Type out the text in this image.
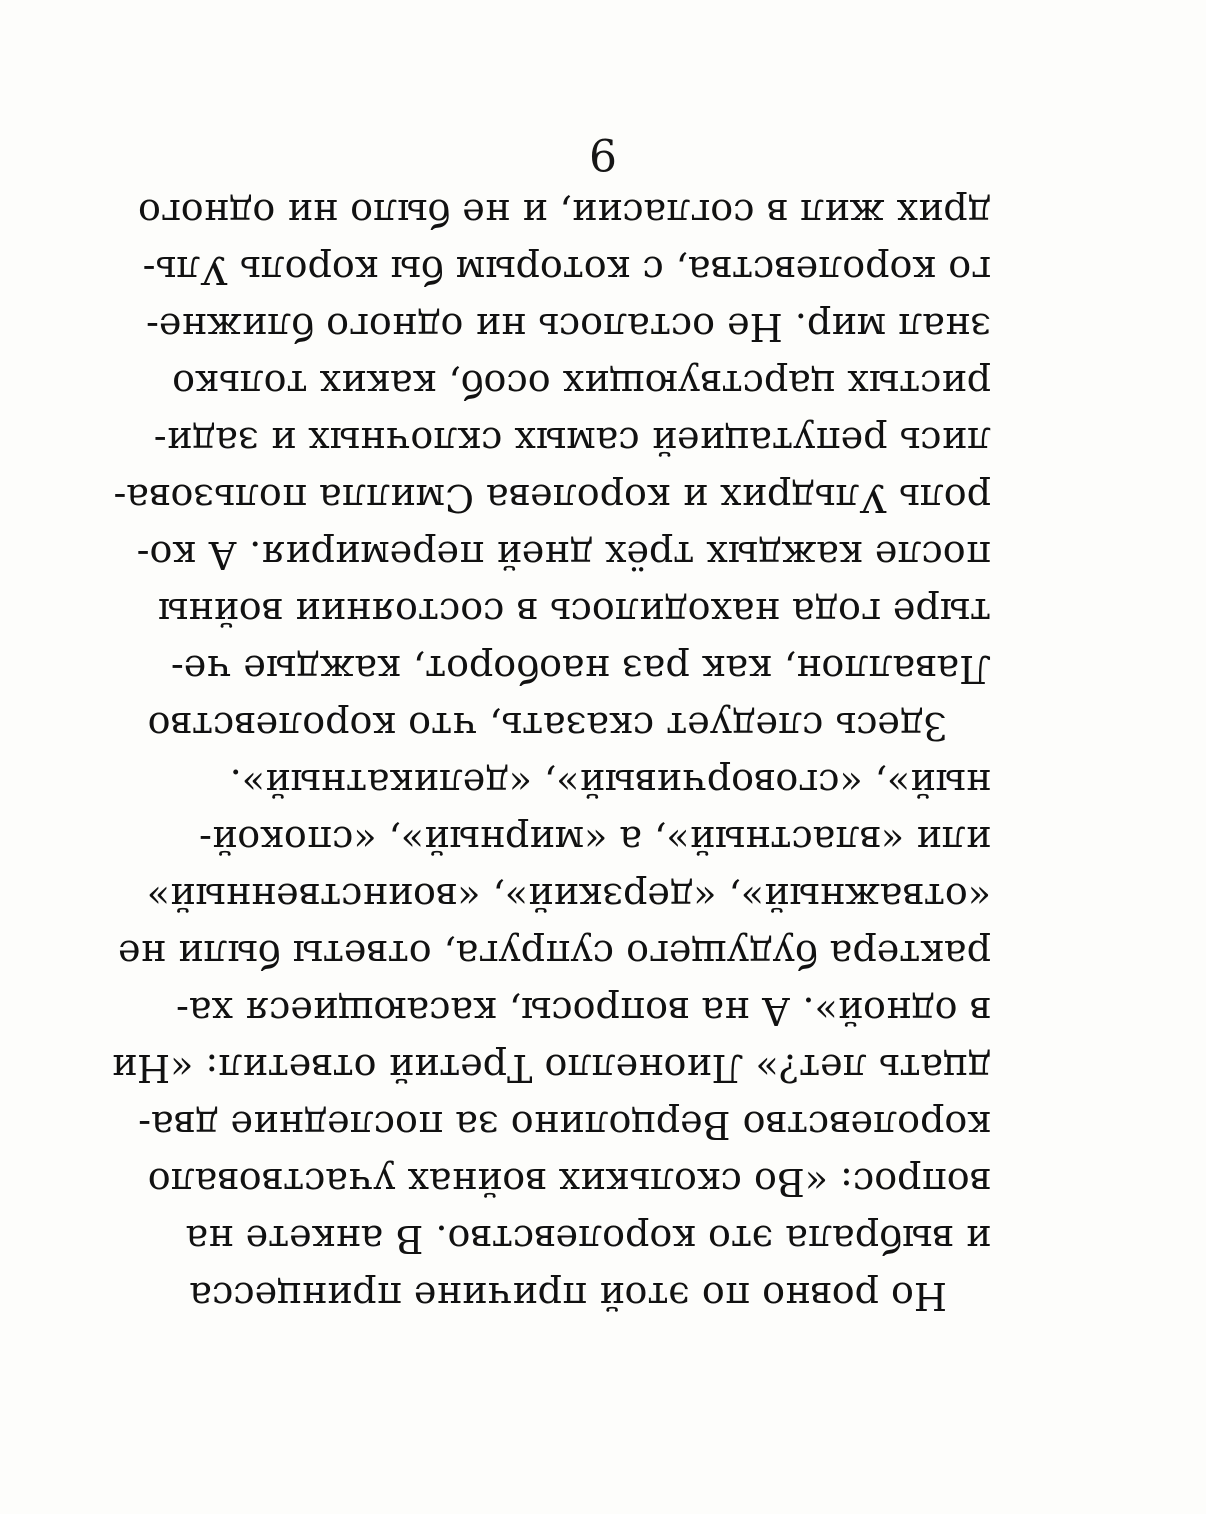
Но ровно по этой причине принцесса
и выбрала это королевство. В анкете на
вопрос: «Во скольких войнах участвовало
королевство Верцолино за последние два-
дцать лет?» Лионелло Третий ответил: «Ни
в одной». А на вопросы, касающиеся ха-
рактера будущего супруга, ответы были не
«отважный», «дерзкий», «воинственный»
или «властный», а «мирный», «спокой-
ный», «сговорчивый», «деликатный».
Здесь следует сказать, что королевство
Лаваллон, как раз наоборот, каждые че-
тыре года находилось в состоянии войны
после каждых трёх дней перемирия. А ко-
роль Ульдрих и королева Смилла пользова-
лись репутацией самых склочных и зади-
ристых царствующих особ, каких только
знал мир. Не осталось ни одного ближне-
го королевства, с которым бы король Уль-
дрих жил в согласии, и не было ни одного
9
